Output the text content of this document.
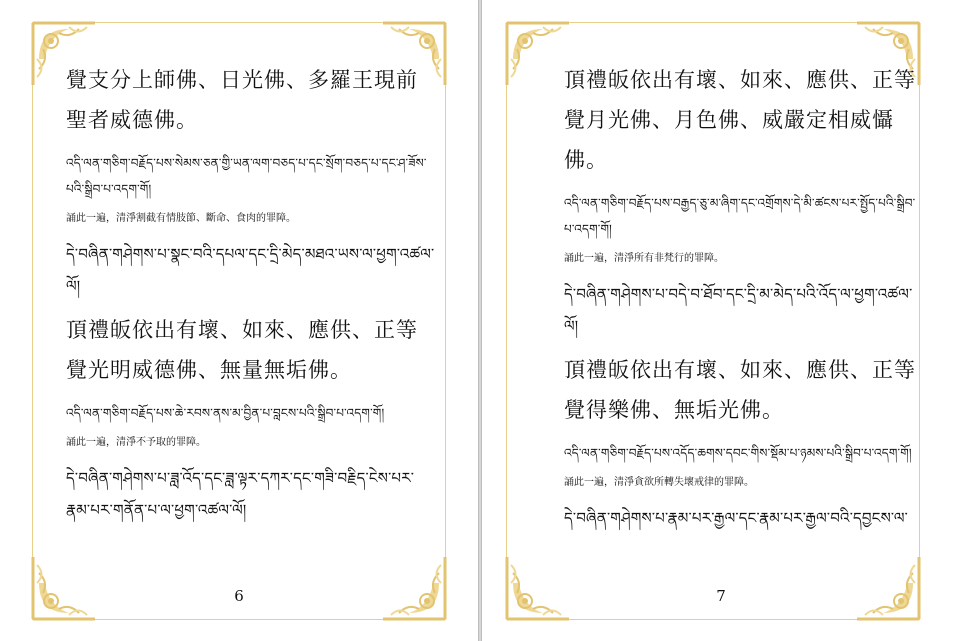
覺支分上師佛、日光佛、多羅王現前聖者威德佛。
འདི་ལན་གཅིག་བརྗོད་པས་སེམས་ཅན་གྱི་ཡན་ལག་བཅད་པ་དང་སྲོག་བཅད་པ་དང་ཤ་ཟོས་པའི་སྒྲིབ་པ་འདག་གོ།
誦此一遍，清淨割截有情肢節、斷命、食肉的罪障。
དེ་བཞིན་གཤེགས་པ་སྣང་བའི་དཔལ་དང་དྲི་མེད་མཐའ་ཡས་ལ་ཕྱག་འཚལ་ལོ།
頂禮皈依出有壞、如來、應供、正等覺光明威德佛、無量無垢佛。
འདི་ལན་གཅིག་བརྗོད་པས་ཆེ་རབས་ནས་མ་བྱིན་པ་བླངས་པའི་སྒྲིབ་པ་འདག་གོ།
誦此一遍，清淨不予取的罪障。
དེ་བཞིན་གཤེགས་པ་ཟླ་འོད་དང་ཟླ་ལྟར་དཀར་དང་གཟི་བརྗིད་ངེས་པར་རྣམ་པར་གནོན་པ་ལ་ཕྱག་འཚལ་ལོ།
6
頂禮皈依出有壞、如來、應供、正等覺月光佛、月色佛、威嚴定相威懾佛。
འདི་ལན་གཅིག་བརྗོད་པས་བརྒྱད་ཅུ་མ་ཞིག་དང་འགྲོགས་དེ་མི་ཚངས་པར་སྤྱོད་པའི་སྒྲིབ་པ་འདག་གོ།
誦此一遍，清淨所有非梵行的罪障。
དེ་བཞིན་གཤེགས་པ་བདེ་བ་ཐོབ་དང་དྲི་མ་མེད་པའི་འོད་ལ་ཕྱག་འཚལ་ལོ།
頂禮皈依出有壞、如來、應供、正等覺得樂佛、無垢光佛。
འདི་ལན་གཅིག་བརྗོད་པས་འདོད་ཆགས་དབང་གིས་སྡོམ་པ་ཉམས་པའི་སྒྲིབ་པ་འདག་གོ།
誦此一遍，清淨貪欲所轉失壞戒律的罪障。
དེ་བཞིན་གཤེགས་པ་རྣམ་པར་རྒྱལ་དང་རྣམ་པར་རྒྱལ་བའི་དབྱངས་ལ་
7
